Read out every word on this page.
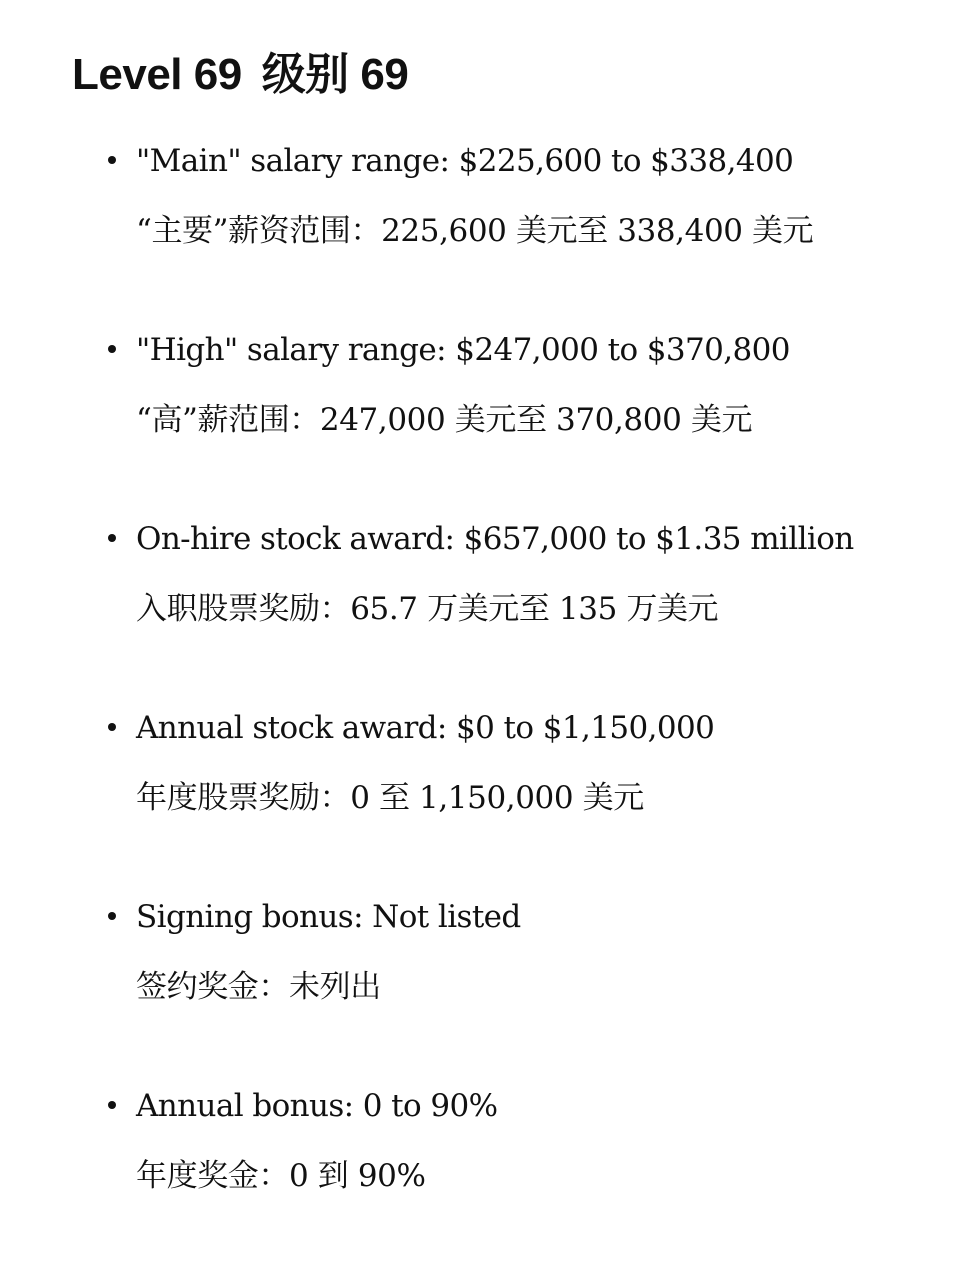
Level 69 级别 69

"Main" salary range: $225,600 to $338,400

“主要”薪资范围：225,600 美元至 338,400 美元

"High" salary range: $247,000 to $370,800

“高”薪范围：247,000 美元至 370,800 美元

On-hire stock award: $657,000 to $1.35 million

入职股票奖励：65.7 万美元至 135 万美元

Annual stock award: $0 to $1,150,000

年度股票奖励：0 至 1,150,000 美元

Signing bonus: Not listed

签约奖金：未列出

Annual bonus: 0 to 90%

年度奖金：0 到 90%
